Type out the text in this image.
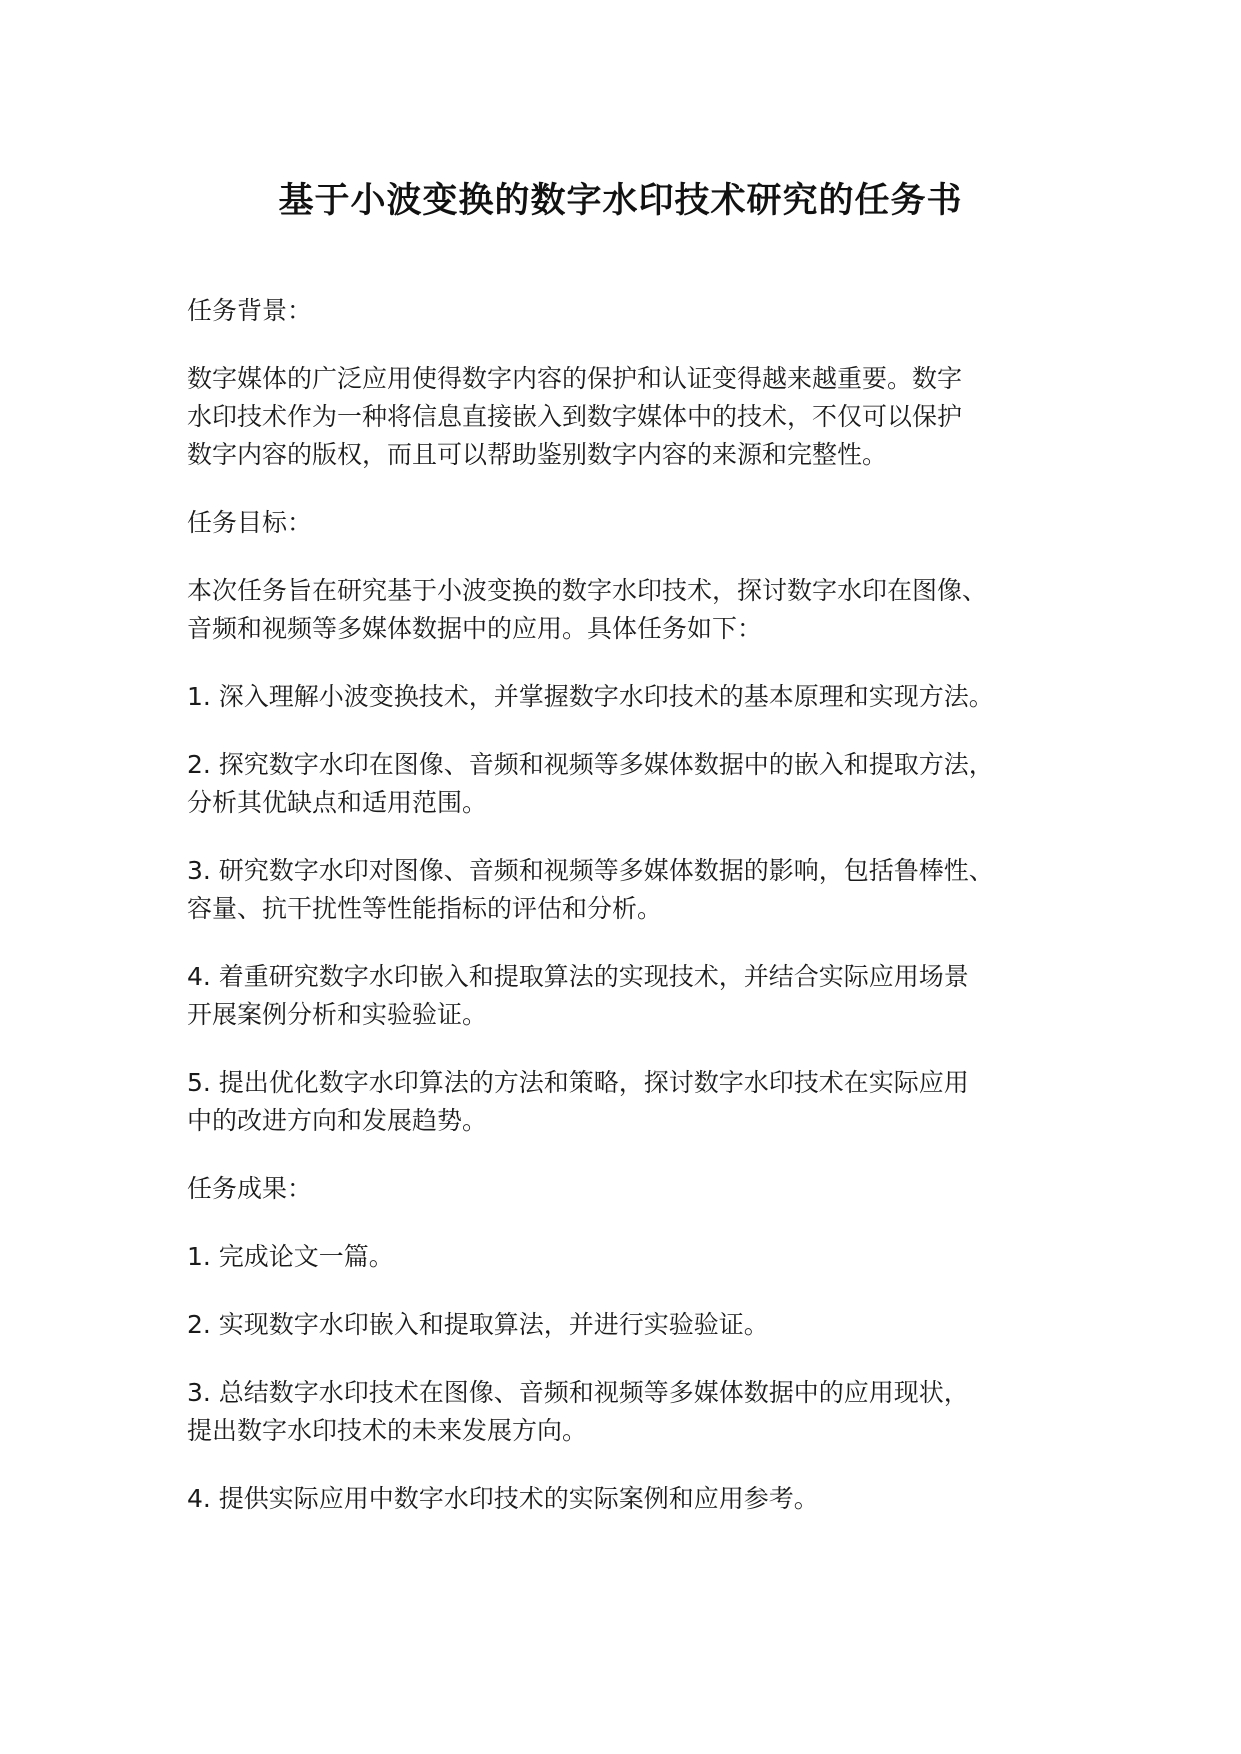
基于小波变换的数字水印技术研究的任务书
任务背景：
数字媒体的广泛应用使得数字内容的保护和认证变得越来越重要。数字
水印技术作为一种将信息直接嵌入到数字媒体中的技术，不仅可以保护
数字内容的版权，而且可以帮助鉴别数字内容的来源和完整性。
任务目标：
本次任务旨在研究基于小波变换的数字水印技术，探讨数字水印在图像、
音频和视频等多媒体数据中的应用。具体任务如下：
1. 深入理解小波变换技术，并掌握数字水印技术的基本原理和实现方法。
2. 探究数字水印在图像、音频和视频等多媒体数据中的嵌入和提取方法，
分析其优缺点和适用范围。
3. 研究数字水印对图像、音频和视频等多媒体数据的影响，包括鲁棒性、
容量、抗干扰性等性能指标的评估和分析。
4. 着重研究数字水印嵌入和提取算法的实现技术，并结合实际应用场景
开展案例分析和实验验证。
5. 提出优化数字水印算法的方法和策略，探讨数字水印技术在实际应用
中的改进方向和发展趋势。
任务成果：
1. 完成论文一篇。
2. 实现数字水印嵌入和提取算法，并进行实验验证。
3. 总结数字水印技术在图像、音频和视频等多媒体数据中的应用现状，
提出数字水印技术的未来发展方向。
4. 提供实际应用中数字水印技术的实际案例和应用参考。
